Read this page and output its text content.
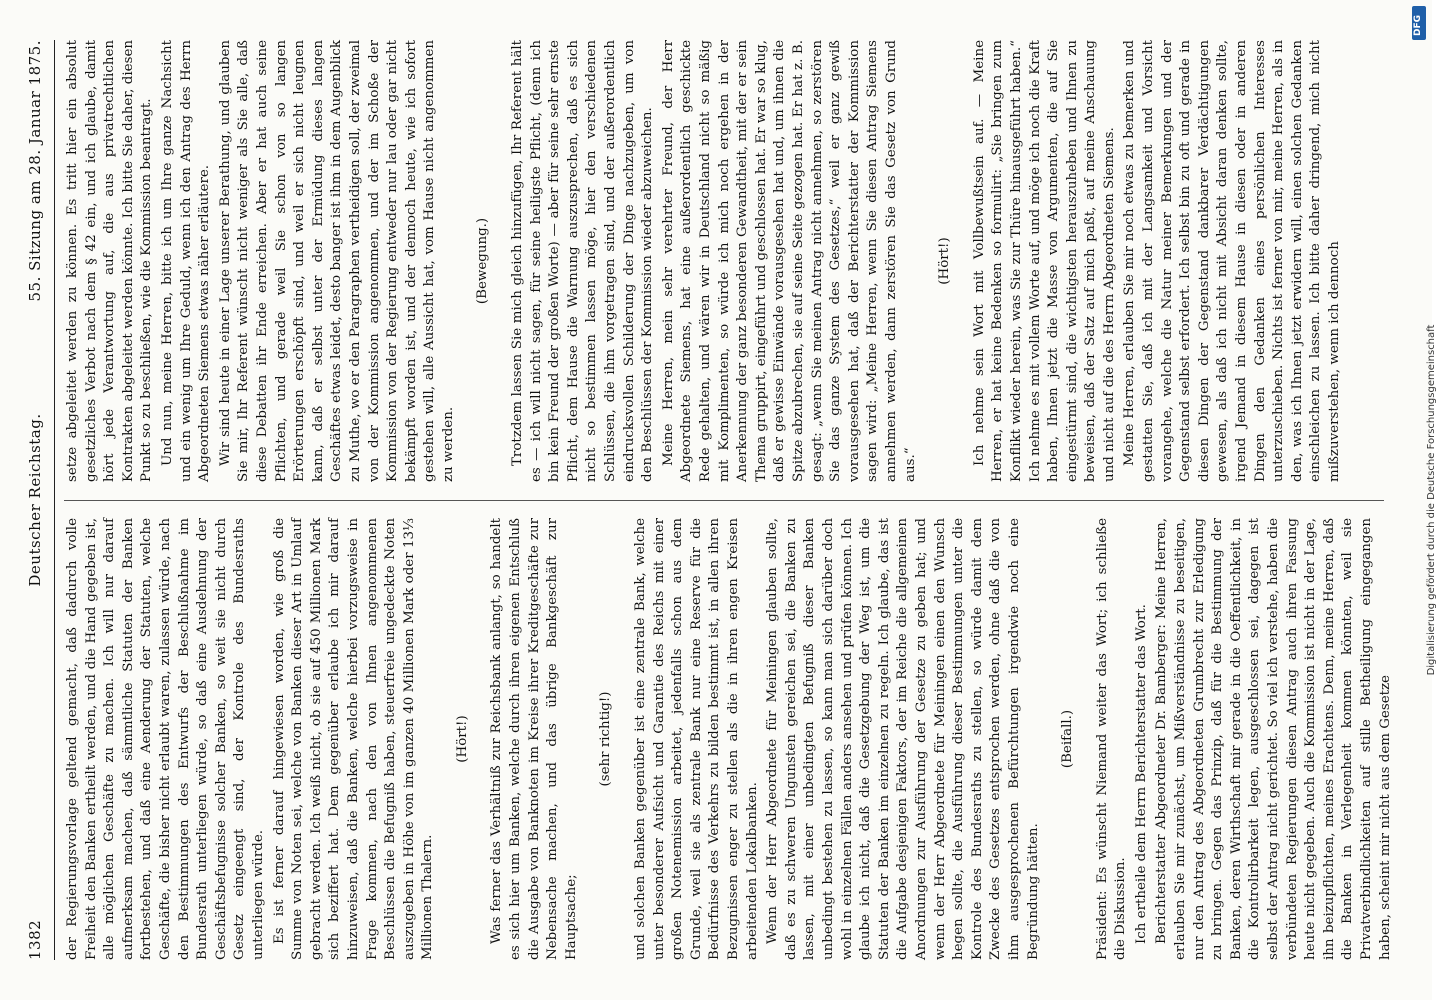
1382
Deutscher Reichstag.
55. Sitzung am 28. Januar 1875.

der Regierungsvorlage geltend gemacht, daß dadurch volle Freiheit den Banken ertheilt werden, und die Hand gegeben ist, alle möglichen Geschäfte zu machen. Ich will nur darauf aufmerksam machen, daß sämmtliche Statuten der Banken fortbestehen, und daß eine Aenderung der Statuten, welche Geschäfte, die bisher nicht erlaubt waren, zulassen würde, nach den Bestimmungen des Entwurfs der Beschlußnahme im Bundesrath unterliegen würde, so daß eine Ausdehnung der Geschäftsbefugnisse solcher Banken, so weit sie nicht durch Gesetz eingeengt sind, der Kontrole des Bundesraths unterliegen würde. Es ist ferner darauf hingewiesen worden, wie groß die Summe von Noten sei, welche von Banken dieser Art in Umlauf gebracht werden. Ich weiß nicht, ob sie auf 450 Millionen Mark sich beziffert hat. Dem gegenüber erlaube ich mir darauf hinzuweisen, daß die Banken, welche hierbei vorzugsweise in Frage kommen, nach den von Ihnen angenommenen Beschlüssen die Befugniß haben, steuerfreie ungedeckte Noten auszugeben in Höhe von im ganzen 40 Millionen Mark oder 13⅓ Millionen Thalern.

(Hört!) Was ferner das Verhältniß zur Reichsbank anlangt, so handelt es sich hier um Banken, welche durch ihren eigenen Entschluß die Ausgabe von Banknoten im Kreise ihrer Kreditgeschäfte zur Nebensache machen, und das übrige Bankgeschäft zur Hauptsache;

(sehr richtig!) und solchen Banken gegenüber ist eine zentrale Bank, welche unter besonderer Aufsicht und Garantie des Reichs mit einer großen Notenemission arbeitet, jedenfalls schon aus dem Grunde, weil sie als zentrale Bank nur eine Reserve für die Bedürfnisse des Verkehrs zu bilden bestimmt ist, in allen ihren Bezugnissen enger zu stellen als die in ihren engen Kreisen arbeitenden Lokalbanken. Wenn der Herr Abgeordnete für Meiningen glauben sollte, daß es zu schweren Ungunsten gereichen sei, die Banken zu lassen, mit einer unbedingten Befugniß dieser Banken unbedingt bestehen zu lassen, so kann man sich darüber doch wohl in einzelnen Fällen anders ansehen und prüfen können. Ich glaube ich nicht, daß die Gesetzgebung der Weg ist, um die Statuten der Banken im einzelnen zu regeln. Ich glaube, das ist die Aufgabe desjenigen Faktors, der im Reiche die allgemeinen Anordnungen zur Ausführung der Gesetze zu geben hat; und wenn der Herr Abgeordnete für Meiningen einen den Wunsch hegen sollte, die Ausführung dieser Bestimmungen unter die Kontrole des Bundesraths zu stellen, so würde damit dem Zwecke des Gesetzes entsprochen werden, ohne daß die von ihm ausgesprochenen Befürchtungen irgendwie noch eine Begründung hätten.

(Beifall.) Präsident: Es wünscht Niemand weiter das Wort; ich schließe die Diskussion. Ich ertheile dem Herrn Berichterstatter das Wort. Berichterstatter Abgeordneter Dr. Bamberger: Meine Herren, erlauben Sie mir zunächst, um Mißverständnisse zu beseitigen, nur den Antrag des Abgeordneten Grumbrecht zur Erledigung zu bringen. Gegen das Prinzip, daß für die Bestimmung der Banken, deren Wirthschaft mir gerade in die Oeffentlichkeit, in die Kontrolirbarkeit legen, ausgeschlossen sei, dagegen ist selbst der Antrag nicht gerichtet. So viel ich verstehe, haben die verbündeten Regierungen diesen Antrag auch ihren Fassung heute nicht gegeben. Auch die Kommission ist nicht in der Lage, ihn beizupflichten, meines Erachtens. Denn, meine Herren, daß die Banken in Verlegenheit kommen könnten, weil sie Privatverbindlichkeiten auf stille Betheiligung eingegangen haben, scheint mir nicht aus dem Gesetze

setze abgeleitet werden zu können. Es tritt hier ein absolut gesetzliches Verbot nach dem § 42 ein, und ich glaube, damit hört jede Verantwortung auf, die aus privatrechtlichen Kontrakten abgeleitet werden könnte. Ich bitte Sie daher, diesen Punkt so zu beschließen, wie die Kommission beantragt. Und nun, meine Herren, bitte ich um Ihre ganze Nachsicht und ein wenig um Ihre Geduld, wenn ich den Antrag des Herrn Abgeordneten Siemens etwas näher erläutere. Wir sind heute in einer Lage unserer Berathung, und glauben Sie mir, Ihr Referent wünscht nicht weniger als Sie alle, daß diese Debatten ihr Ende erreichen. Aber er hat auch seine Pflichten, und gerade weil Sie schon von so langen Erörterungen erschöpft sind, und weil er sich nicht leugnen kann, daß er selbst unter der Ermüdung dieses langen Geschäftes etwas leidet, desto banger ist ihm in dem Augenblick zu Muthe, wo er den Paragraphen vertheidigen soll, der zweimal von der Kommission angenommen, und der im Schoße der Kommission von der Regierung entweder nur lau oder gar nicht bekämpft worden ist, und der dennoch heute, wie ich sofort gestehen will, alle Aussicht hat, vom Hause nicht angenommen zu werden.

(Bewegung.) Trotzdem lassen Sie mich gleich hinzufügen, Ihr Referent hält es — ich will nicht sagen, für seine heiligste Pflicht, (denn ich bin kein Freund der großen Worte) — aber für seine sehr ernste Pflicht, dem Hause die Warnung auszusprechen, daß es sich nicht so bestimmen lassen möge, hier den verschiedenen Schlüssen, die ihm vorgetragen sind, und der außerordentlich eindrucksvollen Schilderung der Dinge nachzugeben, um von den Beschlüssen der Kommission wieder abzuweichen. Meine Herren, mein sehr verehrter Freund, der Herr Abgeordnete Siemens, hat eine außerordentlich geschickte Rede gehalten, und wären wir in Deutschland nicht so mäßig mit Komplimenten, so würde ich mich noch ergehen in der Anerkennung der ganz besonderen Gewandtheit, mit der er sein Thema gruppirt, eingeführt und geschlossen hat. Er war so klug, daß er gewisse Einwände vorausgesehen hat und, um ihnen die Spitze abzubrechen, sie auf seine Seite gezogen hat. Er hat z. B. gesagt: „wenn Sie meinen Antrag nicht annehmen, so zerstören Sie das ganze System des Gesetzes,“ weil er ganz gewiß vorausgesehen hat, daß der Berichterstatter der Kommission sagen wird: „Meine Herren, wenn Sie diesen Antrag Siemens annehmen werden, dann zerstören Sie das Gesetz von Grund aus.“

(Hört!) Ich nehme sein Wort mit Vollbewußtsein auf. — Meine Herren, er hat keine Bedenken so formulirt: „Sie bringen zum Konflikt wieder herein, was Sie zur Thüre hinausgeführt haben.“ Ich nehme es mit vollem Worte auf, und möge ich noch die Kraft haben, Ihnen jetzt die Masse von Argumenten, die auf Sie eingestürmt sind, die wichtigsten herauszuheben und Ihnen zu beweisen, daß der Satz auf mich paßt, auf meine Anschauung und nicht auf die des Herrn Abgeordneten Siemens. Meine Herren, erlauben Sie mir noch etwas zu bemerken und gestatten Sie, daß ich mit der Langsamkeit und Vorsicht vorangehe, welche die Natur meiner Bemerkungen und der Gegenstand selbst erfordert. Ich selbst bin zu oft und gerade in diesen Dingen der Gegenstand dankbarer Verdächtigungen gewesen, als daß ich nicht mit Absicht daran denken sollte, irgend Jemand in diesem Hause in diesen oder in anderen Dingen den Gedanken eines persönlichen Interesses unterzuschieben. Nichts ist ferner von mir, meine Herren, als in den, was ich Ihnen jetzt erwidern will, einen solchen Gedanken einschleichen zu lassen. Ich bitte daher dringend, mich nicht mißzuverstehen, wenn ich dennoch	Digitalisierung gefördert durch die Deutsche Forschungsgemeinschaft
DFG
